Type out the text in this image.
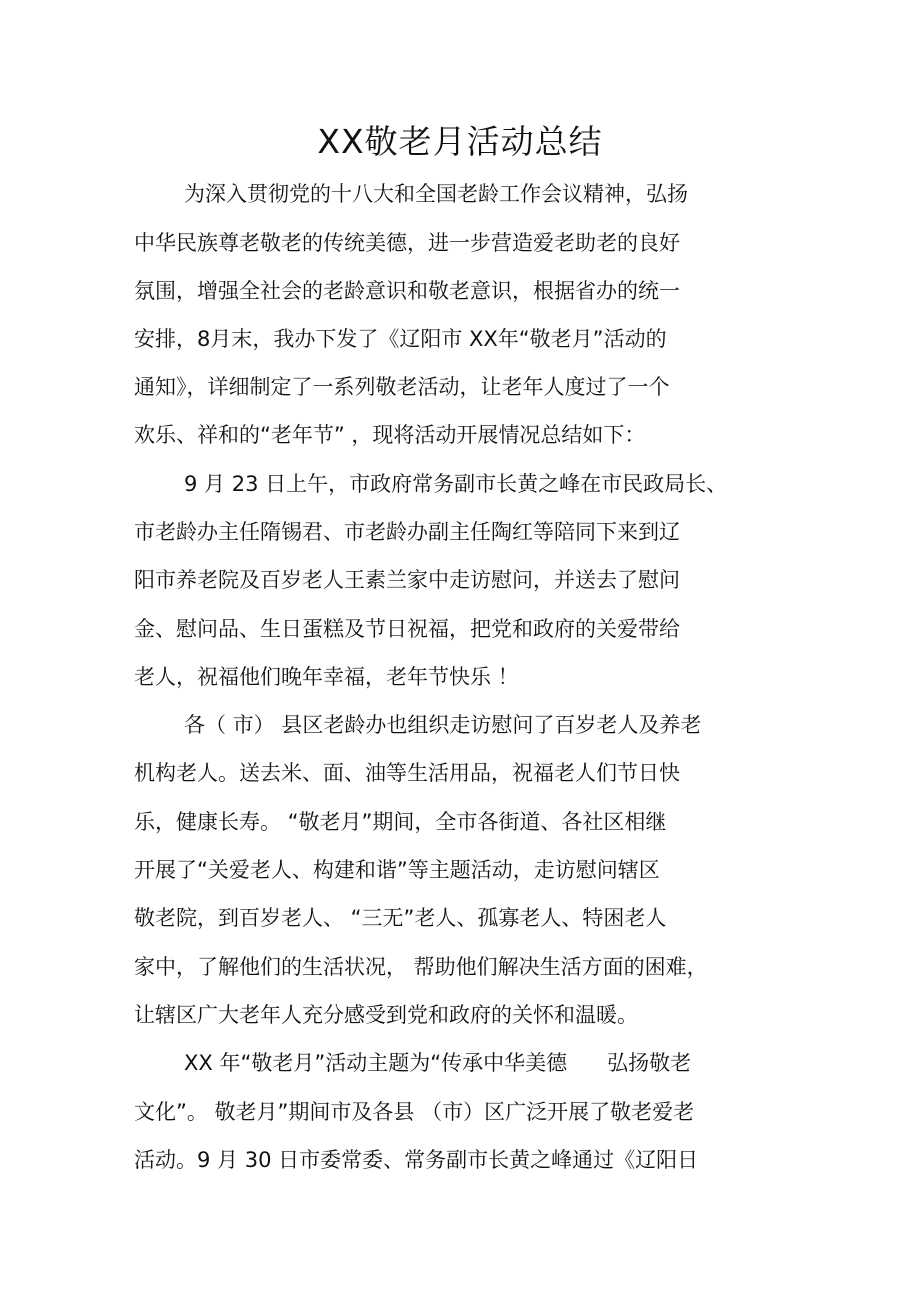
XX敬老月活动总结
为深入贯彻党的十八大和全国老龄工作会议精神，弘扬
中华民族尊老敬老的传统美德，进一步营造爱老助老的良好
氛围，增强全社会的老龄意识和敬老意识，根据省办的统一
安排，8月末，我办下发了《辽阳市 XX年“敬老月”活动的
通知》，详细制定了一系列敬老活动，让老年人度过了一个
欢乐、祥和的“老年节” ，现将活动开展情况总结如下：
9 月 23 日上午，市政府常务副市长黄之峰在市民政局长、
市老龄办主任隋锡君、市老龄办副主任陶红等陪同下来到辽
阳市养老院及百岁老人王素兰家中走访慰问，并送去了慰问
金、慰问品、生日蛋糕及节日祝福，把党和政府的关爱带给
老人，祝福他们晚年幸福，老年节快乐 ！
各（ 市） 县区老龄办也组织走访慰问了百岁老人及养老
机构老人。送去米、面、油等生活用品，祝福老人们节日快
乐，健康长寿。 “敬老月”期间，全市各街道、各社区相继
开展了“关爱老人、构建和谐”等主题活动，走访慰问辖区
敬老院，到百岁老人、 “三无”老人、孤寡老人、特困老人
家中，了解他们的生活状况， 帮助他们解决生活方面的困难，
让辖区广大老年人充分感受到党和政府的关怀和温暖。
XX 年“敬老月”活动主题为“传承中华美德      弘扬敬老
文化”。 敬老月”期间市及各县 （市）区广泛开展了敬老爱老
活动。9 月 30 日市委常委、常务副市长黄之峰通过《辽阳日
